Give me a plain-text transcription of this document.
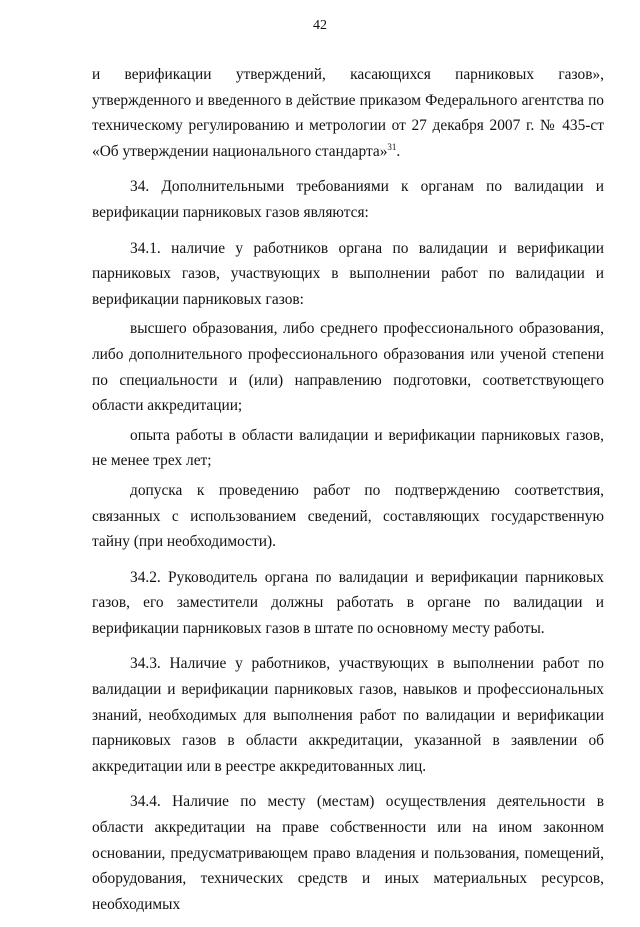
42

и верификации утверждений, касающихся парниковых газов», утвержденного и введенного в действие приказом Федерального агентства по техническому регулированию и метрологии от 27 декабря 2007 г. № 435-ст «Об утверждении национального стандарта»$^{31}$.

34. Дополнительными требованиями к органам по валидации и верификации парниковых газов являются:

34.1. наличие у работников органа по валидации и верификации парниковых газов, участвующих в выполнении работ по валидации и верификации парниковых газов:

высшего образования, либо среднего профессионального образования, либо дополнительного профессионального образования или ученой степени по специальности и (или) направлению подготовки, соответствующего области аккредитации;

опыта работы в области валидации и верификации парниковых газов, не менее трех лет;

допуска к проведению работ по подтверждению соответствия, связанных с использованием сведений, составляющих государственную тайну (при необходимости).

34.2. Руководитель органа по валидации и верификации парниковых газов, его заместители должны работать в органе по валидации и верификации парниковых газов в штате по основному месту работы.

34.3. Наличие у работников, участвующих в выполнении работ по валидации и верификации парниковых газов, навыков и профессиональных знаний, необходимых для выполнения работ по валидации и верификации парниковых газов в области аккредитации, указанной в заявлении об аккредитации или в реестре аккредитованных лиц.

34.4. Наличие по месту (местам) осуществления деятельности в области аккредитации на праве собственности или на ином законном основании, предусматривающем право владения и пользования, помещений, оборудования, технических средств и иных материальных ресурсов, необходимых
